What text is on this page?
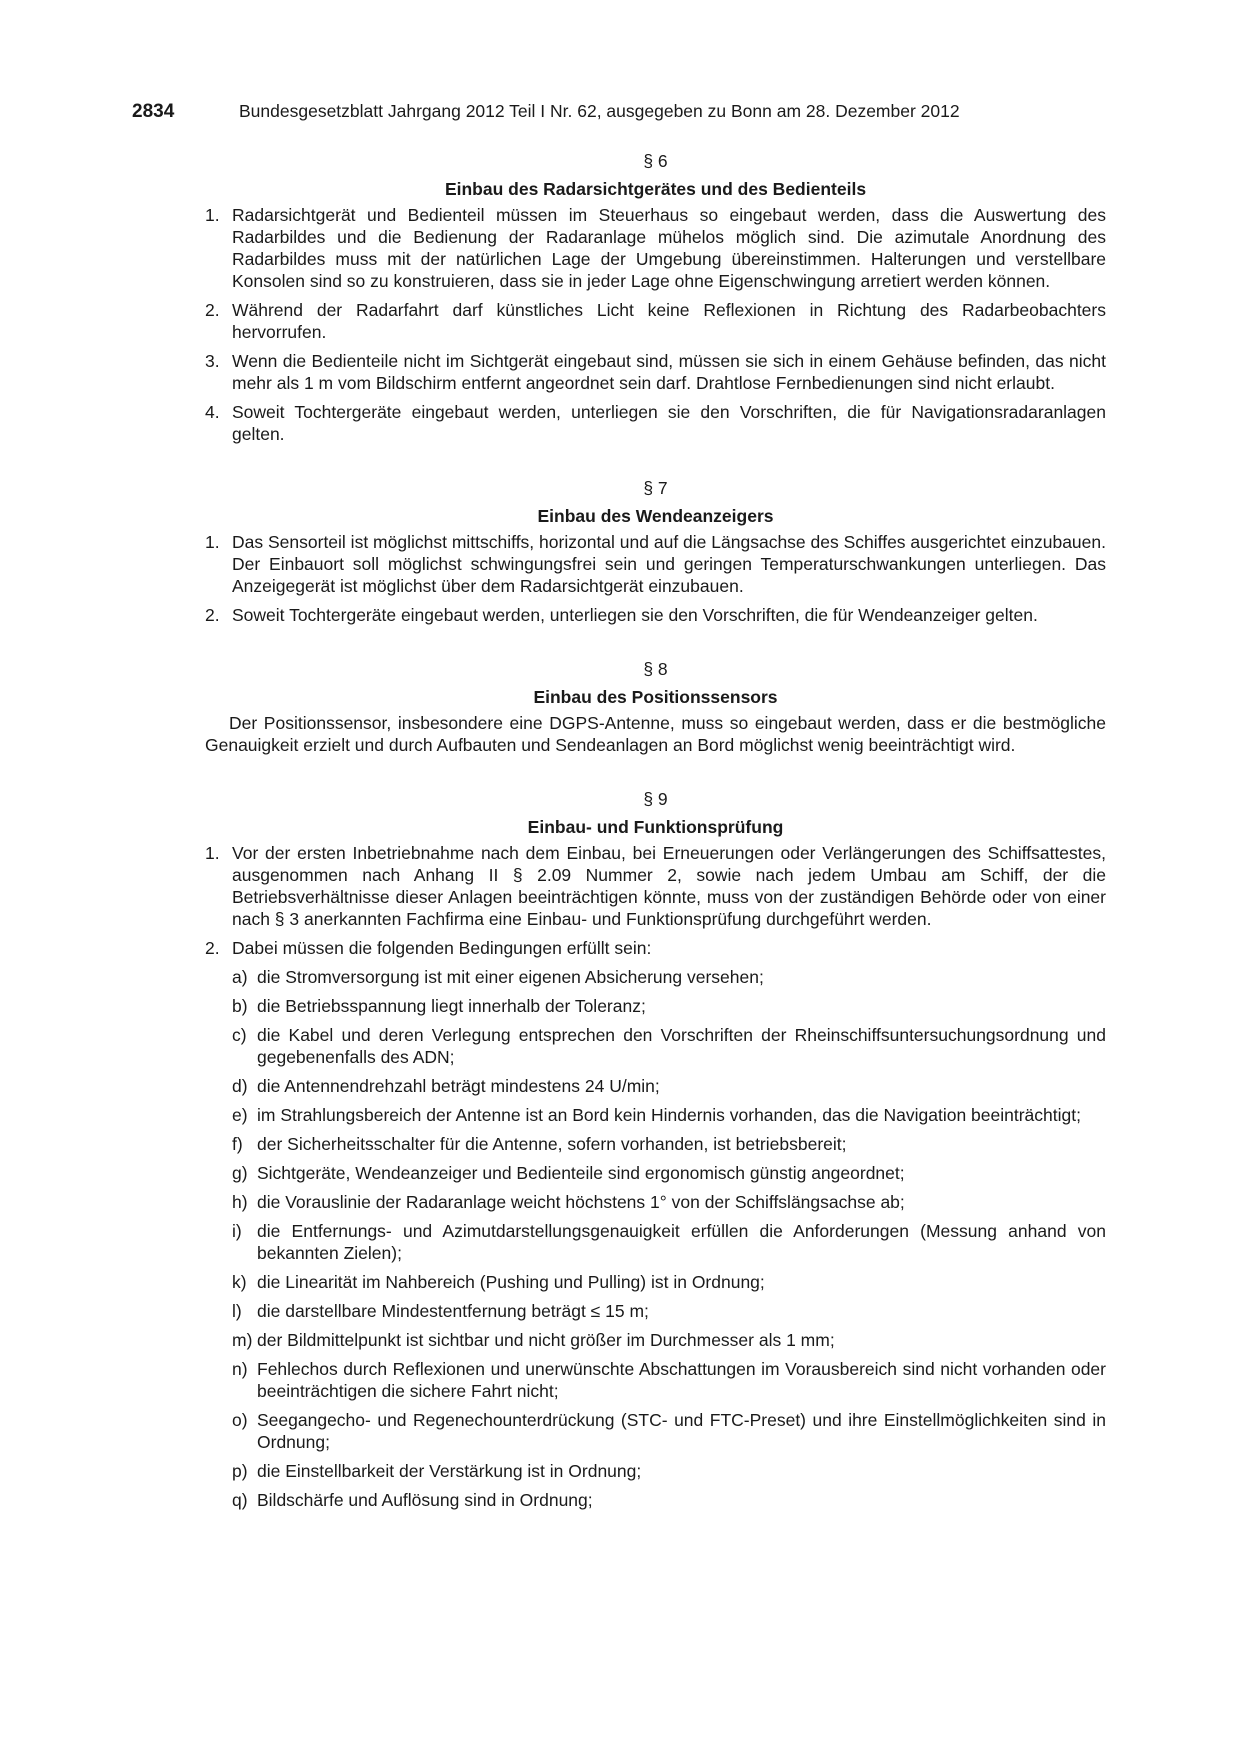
2834	Bundesgesetzblatt Jahrgang 2012 Teil I Nr. 62, ausgegeben zu Bonn am 28. Dezember 2012

§ 6

Einbau des Radarsichtgerätes und des Bedienteils

1. Radarsichtgerät und Bedienteil müssen im Steuerhaus so eingebaut werden, dass die Auswertung des Radarbildes und die Bedienung der Radaranlage mühelos möglich sind. Die azimutale Anordnung des Radarbildes muss mit der natürlichen Lage der Umgebung übereinstimmen. Halterungen und verstellbare Konsolen sind so zu konstruieren, dass sie in jeder Lage ohne Eigenschwingung arretiert werden können.
2. Während der Radarfahrt darf künstliches Licht keine Reflexionen in Richtung des Radarbeobachters hervorrufen.
3. Wenn die Bedienteile nicht im Sichtgerät eingebaut sind, müssen sie sich in einem Gehäuse befinden, das nicht mehr als 1 m vom Bildschirm entfernt angeordnet sein darf. Drahtlose Fernbedienungen sind nicht erlaubt.
4. Soweit Tochtergeräte eingebaut werden, unterliegen sie den Vorschriften, die für Navigationsradaranlagen gelten.

§ 7

Einbau des Wendeanzeigers

1. Das Sensorteil ist möglichst mittschiffs, horizontal und auf die Längsachse des Schiffes ausgerichtet einzubauen. Der Einbauort soll möglichst schwingungsfrei sein und geringen Temperaturschwankungen unterliegen. Das Anzeigegerät ist möglichst über dem Radarsichtgerät einzubauen.
2. Soweit Tochtergeräte eingebaut werden, unterliegen sie den Vorschriften, die für Wendeanzeiger gelten.

§ 8

Einbau des Positionssensors

Der Positionssensor, insbesondere eine DGPS-Antenne, muss so eingebaut werden, dass er die bestmögliche Genauigkeit erzielt und durch Aufbauten und Sendeanlagen an Bord möglichst wenig beeinträchtigt wird.

§ 9

Einbau- und Funktionsprüfung

1. Vor der ersten Inbetriebnahme nach dem Einbau, bei Erneuerungen oder Verlängerungen des Schiffsattestes, ausgenommen nach Anhang II § 2.09 Nummer 2, sowie nach jedem Umbau am Schiff, der die Betriebsverhältnisse dieser Anlagen beeinträchtigen könnte, muss von der zuständigen Behörde oder von einer nach § 3 anerkannten Fachfirma eine Einbau- und Funktionsprüfung durchgeführt werden.
2. Dabei müssen die folgenden Bedingungen erfüllt sein:
a) die Stromversorgung ist mit einer eigenen Absicherung versehen;
b) die Betriebsspannung liegt innerhalb der Toleranz;
c) die Kabel und deren Verlegung entsprechen den Vorschriften der Rheinschiffsuntersuchungsordnung und gegebenenfalls des ADN;
d) die Antennendrehzahl beträgt mindestens 24 U/min;
e) im Strahlungsbereich der Antenne ist an Bord kein Hindernis vorhanden, das die Navigation beeinträchtigt;
f) der Sicherheitsschalter für die Antenne, sofern vorhanden, ist betriebsbereit;
g) Sichtgeräte, Wendeanzeiger und Bedienteile sind ergonomisch günstig angeordnet;
h) die Vorauslinie der Radaranlage weicht höchstens 1° von der Schiffslängsachse ab;
i) die Entfernungs- und Azimutdarstellungsgenauigkeit erfüllen die Anforderungen (Messung anhand von bekannten Zielen);
k) die Linearität im Nahbereich (Pushing und Pulling) ist in Ordnung;
l) die darstellbare Mindestentfernung beträgt ≤ 15 m;
m) der Bildmittelpunkt ist sichtbar und nicht größer im Durchmesser als 1 mm;
n) Fehlechos durch Reflexionen und unerwünschte Abschattungen im Vorausbereich sind nicht vorhanden oder beeinträchtigen die sichere Fahrt nicht;
o) Seegangecho- und Regenechounterdrückung (STC- und FTC-Preset) und ihre Einstellmöglichkeiten sind in Ordnung;
p) die Einstellbarkeit der Verstärkung ist in Ordnung;
q) Bildschärfe und Auflösung sind in Ordnung;
